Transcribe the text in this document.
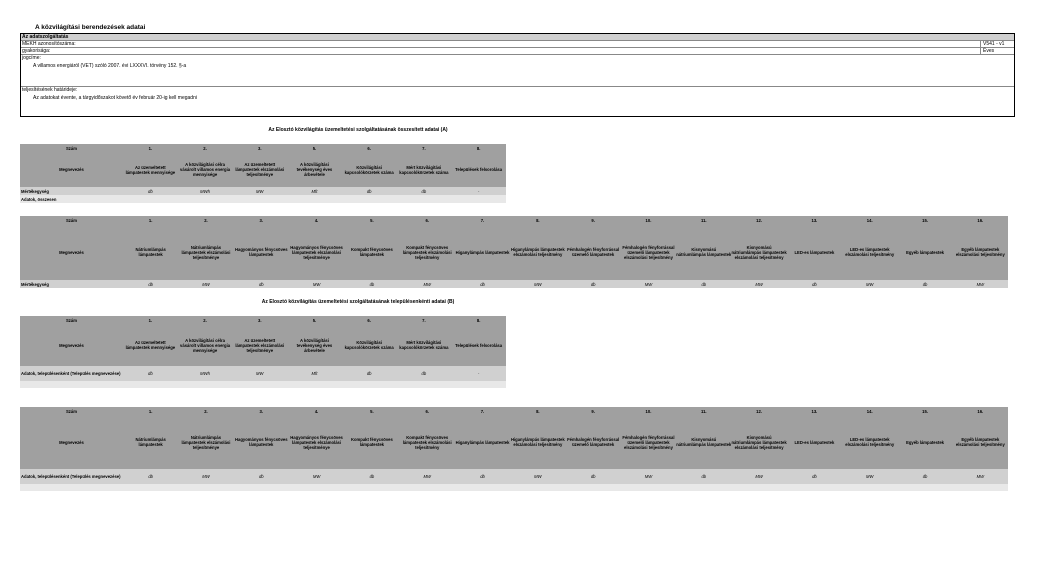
A közvilágítási berendezések adatai
Az adatszolgáltatás
MEKH azonosítószáma:	V541 - v1
gyakorisága:	Éves
jogcíme:
A villamos energiáról (VET) szóló 2007. évi LXXXVI. törvény 152. §-a
teljesítésének határideje:
Az adatokat évente, a tárgyidőszakot követő év február 20-ig kell megadni
Az Elosztó közvilágítás üzemeltetési szolgáltatásának összesített adatai (A)
Szám	1.	2.	3.	5.	6.	7.	8.
Megnevezés	Az üzemeltetett lámpatestek mennyisége	A közvilágítási célra vásárolt villamos energia mennyisége	Az üzemeltetett lámpatestek elszámolási teljesítménye	A közvilágítási tevékenység éves árbevétele	Közvilágítási kapcsolókörzetek száma	Mért közvilágítási kapcsolókörzetek száma	Települések felsorolása
Mértékegység	db	MWh	MW	Mft	db	db	-
Adatok, összesen							
Szám	1.	2.	3.	4.	5.	6.	7.	8.	9.	10.	11.	12.	13.	14.	15.	16.
Megnevezés	Nátriumlámpás lámpatestek	Nátriumlámpás lámpatestek elszámolási teljesítménye	Hagyományos fénycsöves lámpatestek	Hagyományos fénycsöves lámpatestek elszámolási teljesítménye	Kompakt fénycsöves lámpatestek	Kompakt fénycsöves lámpatestek elszámolási teljesítmény	Higanylámpás lámpatestek	Higanylámpás lámpatestek elszámolási teljesítmény	Fémhalogén fényforrással üzemelő lámpatestek	Fémhalogén fényforrással üzemelő lámpatestek elszámolási teljesítmény	Kisnyomású nátriumlámpás lámpatestek	Kisnyomású nátriumlámpás lámpatestek elszámolási teljesítmény	LED-es lámpatestek	LED-es lámpatestek elszámolási teljesítmény	Egyéb lámpatestek	Egyéb lámpatestek elszámolási teljesítmény
Mértékegység	db	MW	db	MW	db	MW	db	MW	db	MW	db	MW	db	MW	db	MW
Az Elosztó közvilágítás üzemeltetési szolgáltatásának településenkénti adatai (B)
Szám	1.	2.	3.	5.	6.	7.	8.
Megnevezés	Az üzemeltetett lámpatestek mennyisége	A közvilágítási célra vásárolt villamos energia mennyisége	Az üzemeltetett lámpatestek elszámolási teljesítménye	A közvilágítási tevékenység éves árbevétele	Közvilágítási kapcsolókörzetek száma	Mért közvilágítási kapcsolókörzetek száma	Települések felsorolása
Adatok, településenként (Település megnevezése)	db	MWh	MW	Mft	db	db	-

Szám	1.	2.	3.	4.	5.	6.	7.	8.	9.	10.	11.	12.	13.	14.	15.	16.
Megnevezés	Nátriumlámpás lámpatestek	Nátriumlámpás lámpatestek elszámolási teljesítménye	Hagyományos fénycsöves lámpatestek	Hagyományos fénycsöves lámpatestek elszámolási teljesítménye	Kompakt fénycsöves lámpatestek	Kompakt fénycsöves lámpatestek elszámolási teljesítmény	Higanylámpás lámpatestek	Higanylámpás lámpatestek elszámolási teljesítmény	Fémhalogén fényforrással üzemelő lámpatestek	Fémhalogén fényforrással üzemelő lámpatestek elszámolási teljesítmény	Kisnyomású nátriumlámpás lámpatestek	Kisnyomású nátriumlámpás lámpatestek elszámolási teljesítmény	LED-es lámpatestek	LED-es lámpatestek elszámolási teljesítmény	Egyéb lámpatestek	Egyéb lámpatestek elszámolási teljesítmény
Adatok, településenként (Település megnevezése)	db	MW	db	MW	db	MW	db	MW	db	MW	db	MW	db	MW	db	MW
